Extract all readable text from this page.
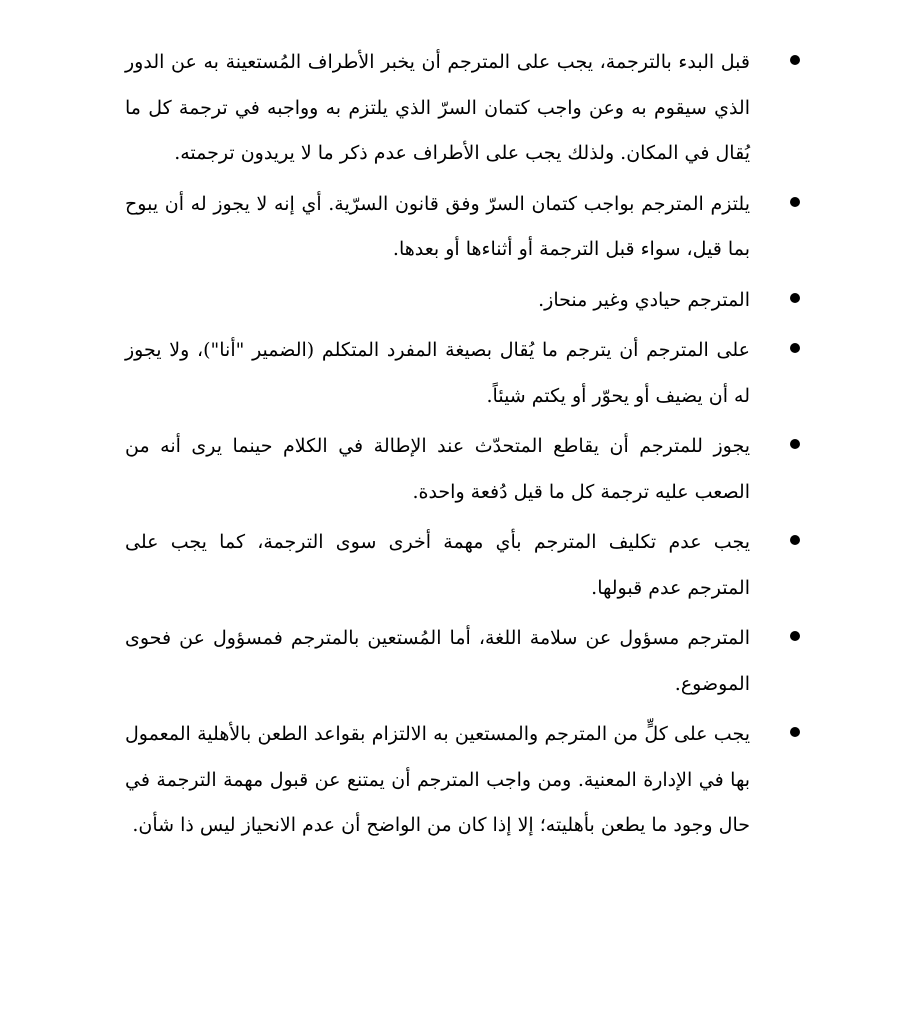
قبل البدء بالترجمة، يجب على المترجم أن يخبر الأطراف المُستعينة به عن الدور الذي سيقوم به وعن واجب كتمان السرّ الذي يلتزم به وواجبه في ترجمة كل ما يُقال في المكان. ولذلك يجب على الأطراف عدم ذكر ما لا يريدون ترجمته.
يلتزم المترجم بواجب كتمان السرّ وفق قانون السرّية. أي إنه لا يجوز له أن يبوح بما قيل، سواء قبل الترجمة أو أثناءها أو بعدها.
المترجم حيادي وغير منحاز.
على المترجم أن يترجم ما يُقال بصيغة المفرد المتكلم (الضمير "أنا")، ولا يجوز له أن يضيف أو يحوّر أو يكتم شيئاً.
يجوز للمترجم أن يقاطع المتحدّث عند الإطالة في الكلام حينما يرى أنه من الصعب عليه ترجمة كل ما قيل دُفعة واحدة.
يجب عدم تكليف المترجم بأي مهمة أخرى سوى الترجمة، كما يجب على المترجم عدم قبولها.
المترجم مسؤول عن سلامة اللغة، أما المُستعين بالمترجم فمسؤول عن فحوى الموضوع.
يجب على كلٍّ من المترجم والمستعين به الالتزام بقواعد الطعن بالأهلية المعمول بها في الإدارة المعنية. ومن واجب المترجم أن يمتنع عن قبول مهمة الترجمة في حال وجود ما يطعن بأهليته؛ إلا إذا كان من الواضح أن عدم الانحياز ليس ذا شأن.
